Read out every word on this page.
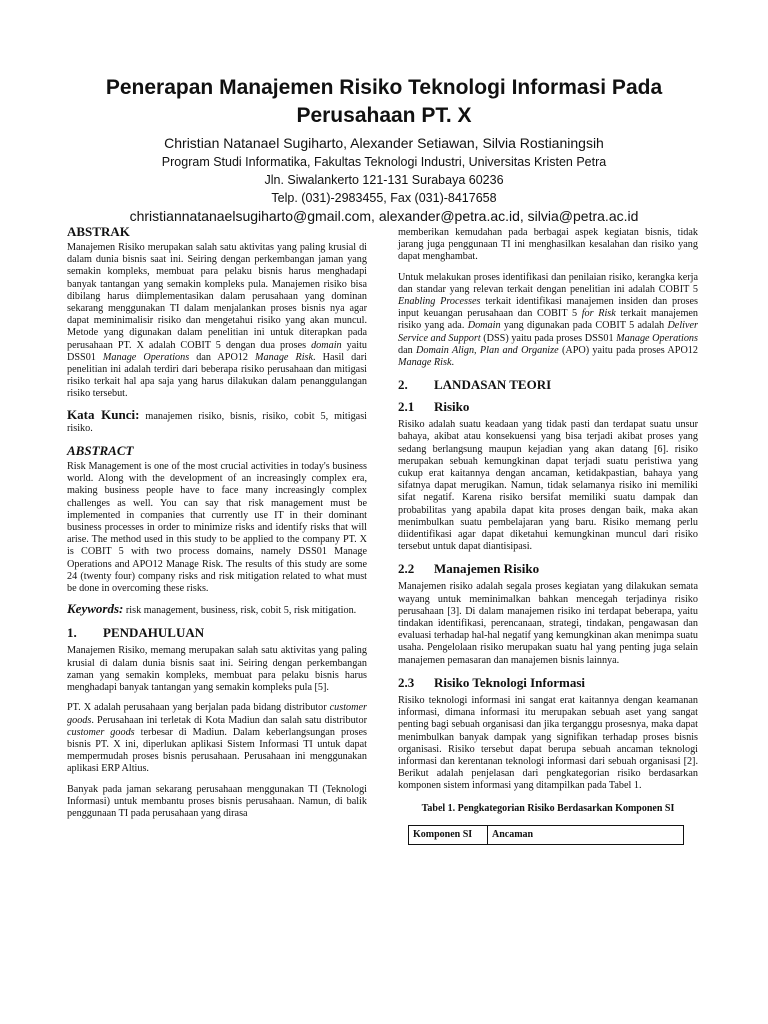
Penerapan Manajemen Risiko Teknologi Informasi Pada
Perusahaan PT. X
Christian Natanael Sugiharto, Alexander Setiawan, Silvia Rostianingsih
Program Studi Informatika, Fakultas Teknologi Industri, Universitas Kristen Petra
Jln. Siwalankerto 121-131 Surabaya 60236
Telp. (031)-2983455, Fax (031)-8417658
christiannatanaelsugiharto@gmail.com, alexander@petra.ac.id, silvia@petra.ac.id
ABSTRAK

Manajemen Risiko merupakan salah satu aktivitas yang paling krusial di dalam dunia bisnis saat ini. Seiring dengan perkembangan jaman yang semakin kompleks, membuat para pelaku bisnis harus menghadapi banyak tantangan yang semakin kompleks pula. Manajemen risiko bisa dibilang harus diimplementasikan dalam perusahaan yang dominan sekarang menggunakan TI dalam menjalankan proses bisnis nya agar dapat meminimalisir risiko dan mengetahui risiko yang akan muncul. Metode yang digunakan dalam penelitian ini untuk diterapkan pada perusahaan PT. X adalah COBIT 5 dengan dua proses domain yaitu DSS01 Manage Operations dan APO12 Manage Risk. Hasil dari penelitian ini adalah terdiri dari beberapa risiko perusahaan dan mitigasi risiko terkait hal apa saja yang harus dilakukan dalam penanggulangan risiko tersebut.

Kata Kunci: manajemen risiko, bisnis, risiko, cobit 5, mitigasi risiko.

ABSTRACT

Risk Management is one of the most crucial activities in today's business world. Along with the development of an increasingly complex era, making business people have to face many increasingly complex challenges as well. You can say that risk management must be implemented in companies that currently use IT in their dominant business processes in order to minimize risks and identify risks that will arise. The method used in this study to be applied to the company PT. X is COBIT 5 with two process domains, namely DSS01 Manage Operations and APO12 Manage Risk. The results of this study are some 24 (twenty four) company risks and risk mitigation related to what must be done in overcoming these risks.

Keywords: risk management, business, risk, cobit 5, risk mitigation.

1.	PENDAHULUAN

Manajemen Risiko, memang merupakan salah satu aktivitas yang paling krusial di dalam dunia bisnis saat ini. Seiring dengan perkembangan zaman yang semakin kompleks, membuat para pelaku bisnis harus menghadapi banyak tantangan yang semakin kompleks pula [5].

PT. X adalah perusahaan yang berjalan pada bidang distributor customer goods. Perusahaan ini terletak di Kota Madiun dan salah satu distributor customer goods terbesar di Madiun. Dalam keberlangsungan proses bisnis PT. X ini, diperlukan aplikasi Sistem Informasi TI untuk dapat mempermudah proses bisnis perusahaan. Perusahaan ini menggunakan aplikasi ERP Altius.

Banyak pada jaman sekarang perusahaan menggunakan TI (Teknologi Informasi) untuk membantu proses bisnis perusahaan. Namun, di balik penggunaan TI pada perusahaan yang dirasa

memberikan kemudahan pada berbagai aspek kegiatan bisnis, tidak jarang juga penggunaan TI ini menghasilkan kesalahan dan risiko yang dapat menghambat.

Untuk melakukan proses identifikasi dan penilaian risiko, kerangka kerja dan standar yang relevan terkait dengan penelitian ini adalah COBIT 5 Enabling Processes terkait identifikasi manajemen insiden dan proses input keuangan perusahaan dan COBIT 5 for Risk terkait manajemen risiko yang ada. Domain yang digunakan pada COBIT 5 adalah Deliver Service and Support (DSS) yaitu pada proses DSS01 Manage Operations dan Domain Align, Plan and Organize (APO) yaitu pada proses APO12 Manage Risk.

2.	LANDASAN TEORI
2.1	Risiko

Risiko adalah suatu keadaan yang tidak pasti dan terdapat suatu unsur bahaya, akibat atau konsekuensi yang bisa terjadi akibat proses yang sedang berlangsung maupun kejadian yang akan datang [6]. risiko merupakan sebuah kemungkinan dapat terjadi suatu peristiwa yang cukup erat kaitannya dengan ancaman, ketidakpastian, bahaya yang sifatnya dapat merugikan. Namun, tidak selamanya risiko ini memiliki sifat negatif. Karena risiko bersifat memiliki suatu dampak dan probabilitas yang apabila dapat kita proses dengan baik, maka akan menimbulkan suatu pembelajaran yang baru. Risiko memang perlu diidentifikasi agar dapat diketahui kemungkinan muncul dari risiko tersebut untuk dapat diantisipasi.

2.2	Manajemen Risiko

Manajemen risiko adalah segala proses kegiatan yang dilakukan semata wayang untuk meminimalkan bahkan mencegah terjadinya risiko perusahaan [3]. Di dalam manajemen risiko ini terdapat beberapa, yaitu tindakan identifikasi, perencanaan, strategi, tindakan, pengawasan dan evaluasi terhadap hal-hal negatif yang kemungkinan akan menimpa suatu usaha. Pengelolaan risiko merupakan suatu hal yang penting juga selain manajemen pemasaran dan manajemen bisnis lainnya.

2.3	Risiko Teknologi Informasi

Risiko teknologi informasi ini sangat erat kaitannya dengan keamanan informasi, dimana informasi itu merupakan sebuah aset yang sangat penting bagi sebuah organisasi dan jika terganggu prosesnya, maka dapat menimbulkan banyak dampak yang signifikan terhadap proses bisnis organisasi. Risiko tersebut dapat berupa sebuah ancaman teknologi informasi dan kerentanan teknologi informasi dari sebuah organisasi [2]. Berikut adalah penjelasan dari pengkategorian risiko berdasarkan komponen sistem informasi yang ditampilkan pada Tabel 1.

Tabel 1. Pengkategorian Risiko Berdasarkan Komponen SI
Komponen SI	Ancaman
